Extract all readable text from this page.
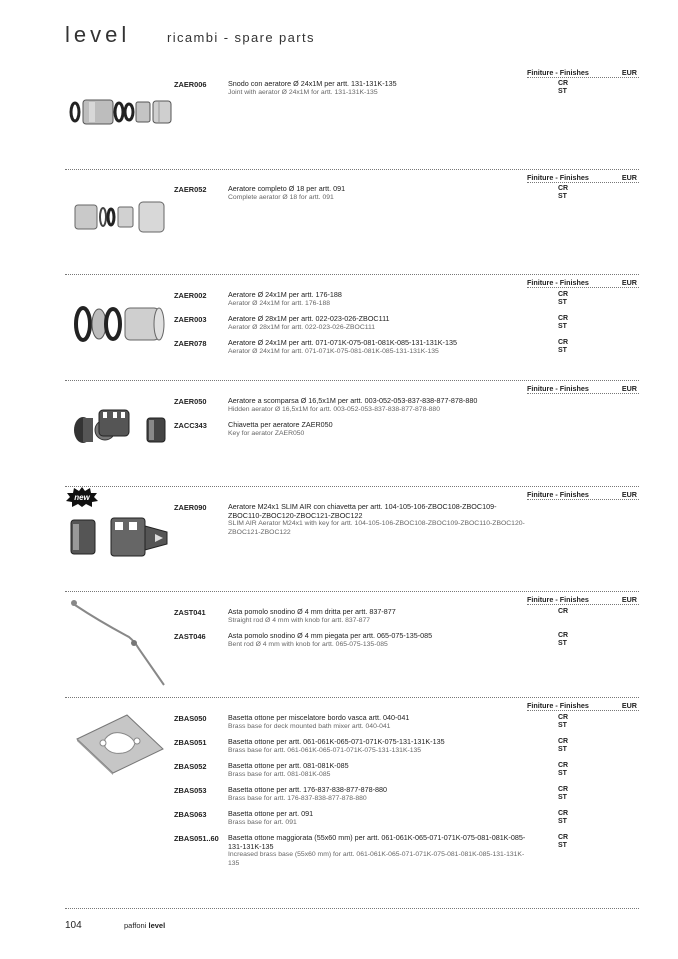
level	ricambi - spare parts
Finiture - Finishes	EUR
ZAER006	Snodo con aeratore Ø 24x1M per artt. 131-131K-135
Joint with aerator Ø 24x1M for artt. 131-131K-135
CR
ST
Finiture - Finishes	EUR
ZAER052	Aeratore completo Ø 18 per artt. 091
Complete aerator Ø 18 for artt. 091
CR
ST
Finiture - Finishes	EUR
ZAER002	Aeratore Ø 24x1M per artt. 176-188
Aerator Ø 24x1M for artt. 176-188
CR
ST
ZAER003	Aeratore Ø 28x1M per artt. 022-023-026-ZBOC111
Aerator Ø 28x1M for artt. 022-023-026-ZBOC111
CR
ST
ZAER078	Aeratore Ø 24x1M per artt. 071-071K-075-081-081K-085-131-131K-135
Aerator Ø 24x1M for artt. 071-071K-075-081-081K-085-131-131K-135
CR
ST
Finiture - Finishes	EUR
ZAER050	Aeratore a scomparsa Ø 16,5x1M per artt. 003-052-053-837-838-877-878-880
Hidden aerator Ø 16,5x1M for artt. 003-052-053-837-838-877-878-880
ZACC343	Chiavetta per aeratore ZAER050
Key for aerator ZAER050
Finiture - Finishes	EUR
new
ZAER090	Aeratore M24x1 SLIM AIR con chiavetta per artt. 104-105-106-ZBOC108-ZBOC109-ZBOC110-ZBOC120-ZBOC121-ZBOC122
SLIM AIR Aerator M24x1 with key for artt. 104-105-106-ZBOC108-ZBOC109-ZBOC110-ZBOC120-ZBOC121-ZBOC122
Finiture - Finishes	EUR
ZAST041	Asta pomolo snodino Ø 4 mm dritta per artt. 837-877
Straight rod Ø 4 mm with knob for artt. 837-877
CR
ZAST046	Asta pomolo snodino Ø 4 mm piegata per artt. 065-075-135-085
Bent rod Ø 4 mm with knob for artt. 065-075-135-085
CR
ST
Finiture - Finishes	EUR
ZBAS050	Basetta ottone per miscelatore bordo vasca artt. 040-041
Brass base for deck mounted bath mixer artt. 040-041
CR
ST
ZBAS051	Basetta ottone per artt. 061-061K-065-071-071K-075-131-131K-135
Brass base for artt. 061-061K-065-071-071K-075-131-131K-135
CR
ST
ZBAS052	Basetta ottone per artt. 081-081K-085
Brass base for artt. 081-081K-085
CR
ST
ZBAS053	Basetta ottone per artt. 176-837-838-877-878-880
Brass base for artt. 176-837-838-877-878-880
CR
ST
ZBAS063	Basetta ottone per art. 091
Brass base for art. 091
CR
ST
ZBAS051..60 Basetta ottone maggiorata (55x60 mm) per artt. 061-061K-065-071-071K-075-081-081K-085-131-131K-135
Increased brass base (55x60 mm) for artt. 061-061K-065-071-071K-075-081-081K-085-131-131K-135
CR
ST
104	paffoni level
